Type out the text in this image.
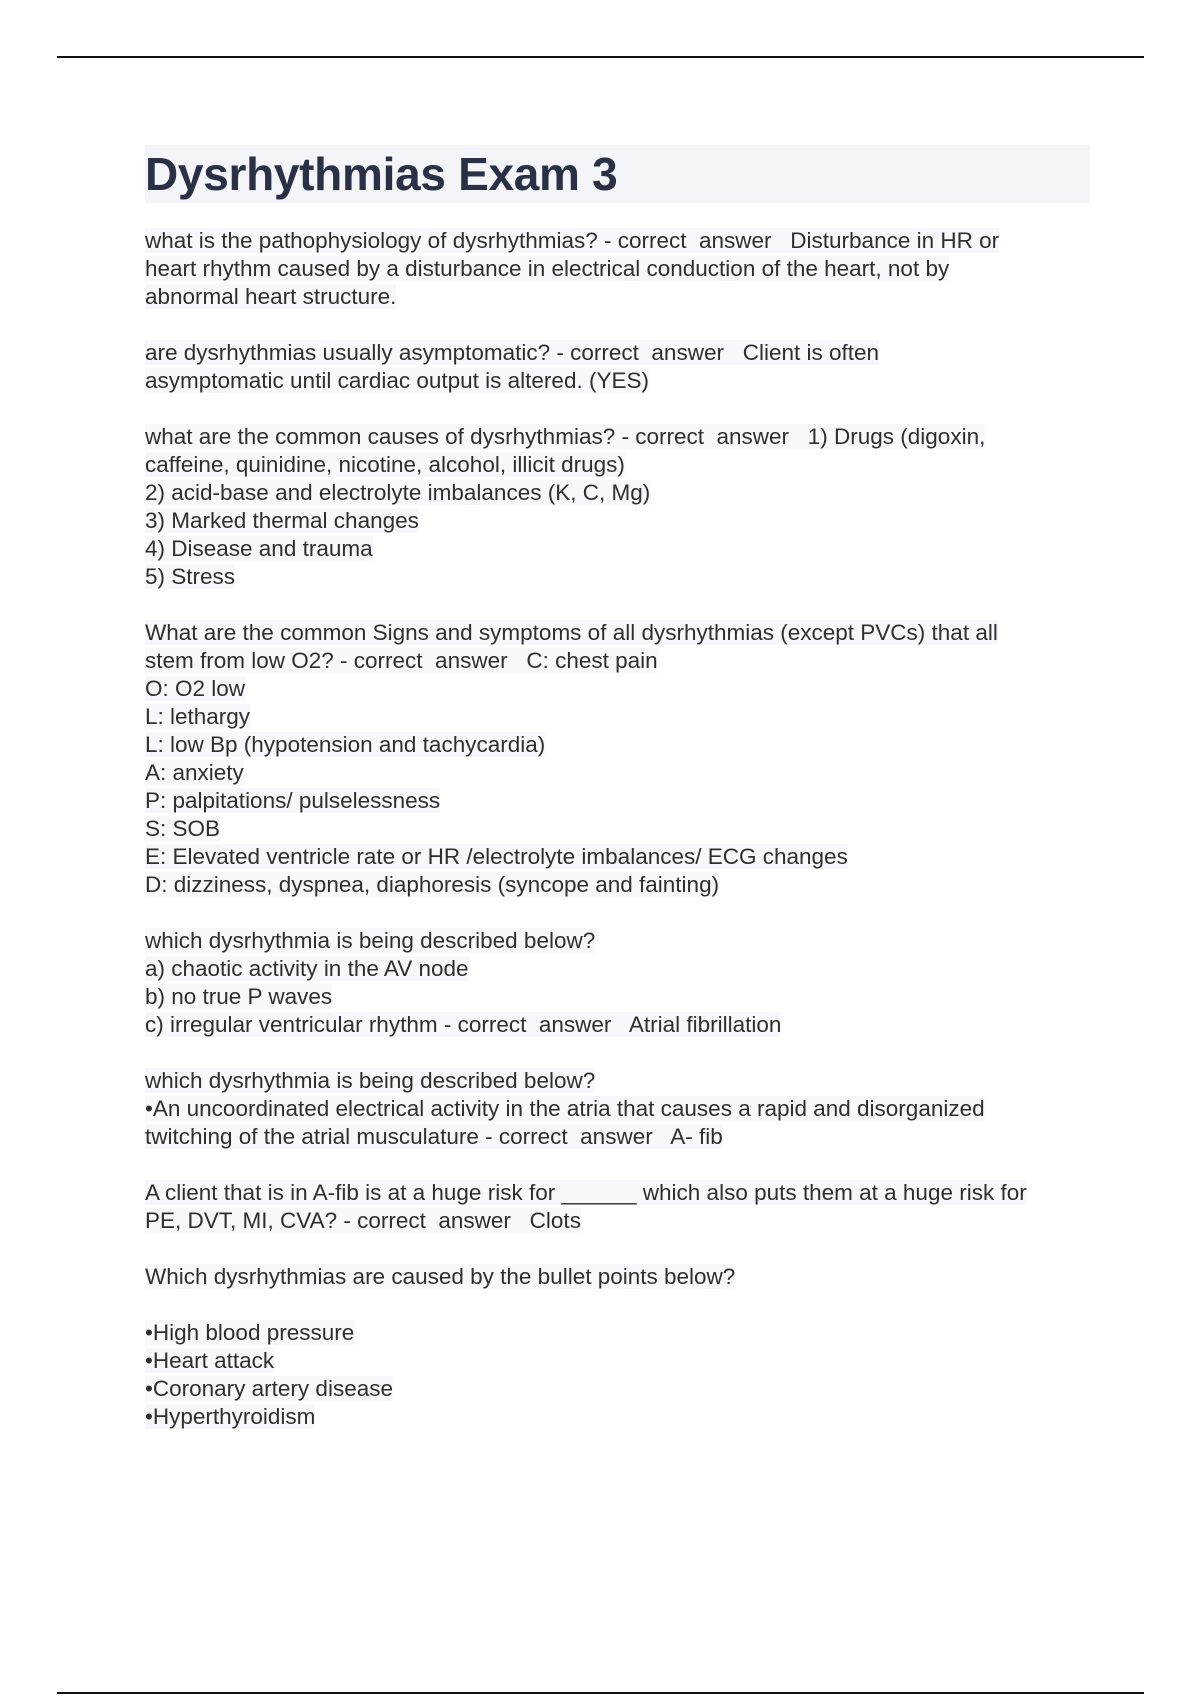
Dysrhythmias Exam 3
what is the pathophysiology of dysrhythmias? - correct  answer   Disturbance in HR or
heart rhythm caused by a disturbance in electrical conduction of the heart, not by
abnormal heart structure.
are dysrhythmias usually asymptomatic? - correct  answer   Client is often
asymptomatic until cardiac output is altered. (YES)
what are the common causes of dysrhythmias? - correct  answer   1) Drugs (digoxin,
caffeine, quinidine, nicotine, alcohol, illicit drugs)
2) acid-base and electrolyte imbalances (K, C, Mg)
3) Marked thermal changes
4) Disease and trauma
5) Stress
What are the common Signs and symptoms of all dysrhythmias (except PVCs) that all
stem from low O2? - correct  answer   C: chest pain
O: O2 low
L: lethargy
L: low Bp (hypotension and tachycardia)
A: anxiety
P: palpitations/ pulselessness
S: SOB
E: Elevated ventricle rate or HR /electrolyte imbalances/ ECG changes
D: dizziness, dyspnea, diaphoresis (syncope and fainting)
which dysrhythmia is being described below?
a) chaotic activity in the AV node
b) no true P waves
c) irregular ventricular rhythm - correct  answer   Atrial fibrillation
which dysrhythmia is being described below?
•An uncoordinated electrical activity in the atria that causes a rapid and disorganized
twitching of the atrial musculature - correct  answer   A- fib
A client that is in A-fib is at a huge risk for ______ which also puts them at a huge risk for
PE, DVT, MI, CVA? - correct  answer   Clots
Which dysrhythmias are caused by the bullet points below?
•High blood pressure
•Heart attack
•Coronary artery disease
•Hyperthyroidism
